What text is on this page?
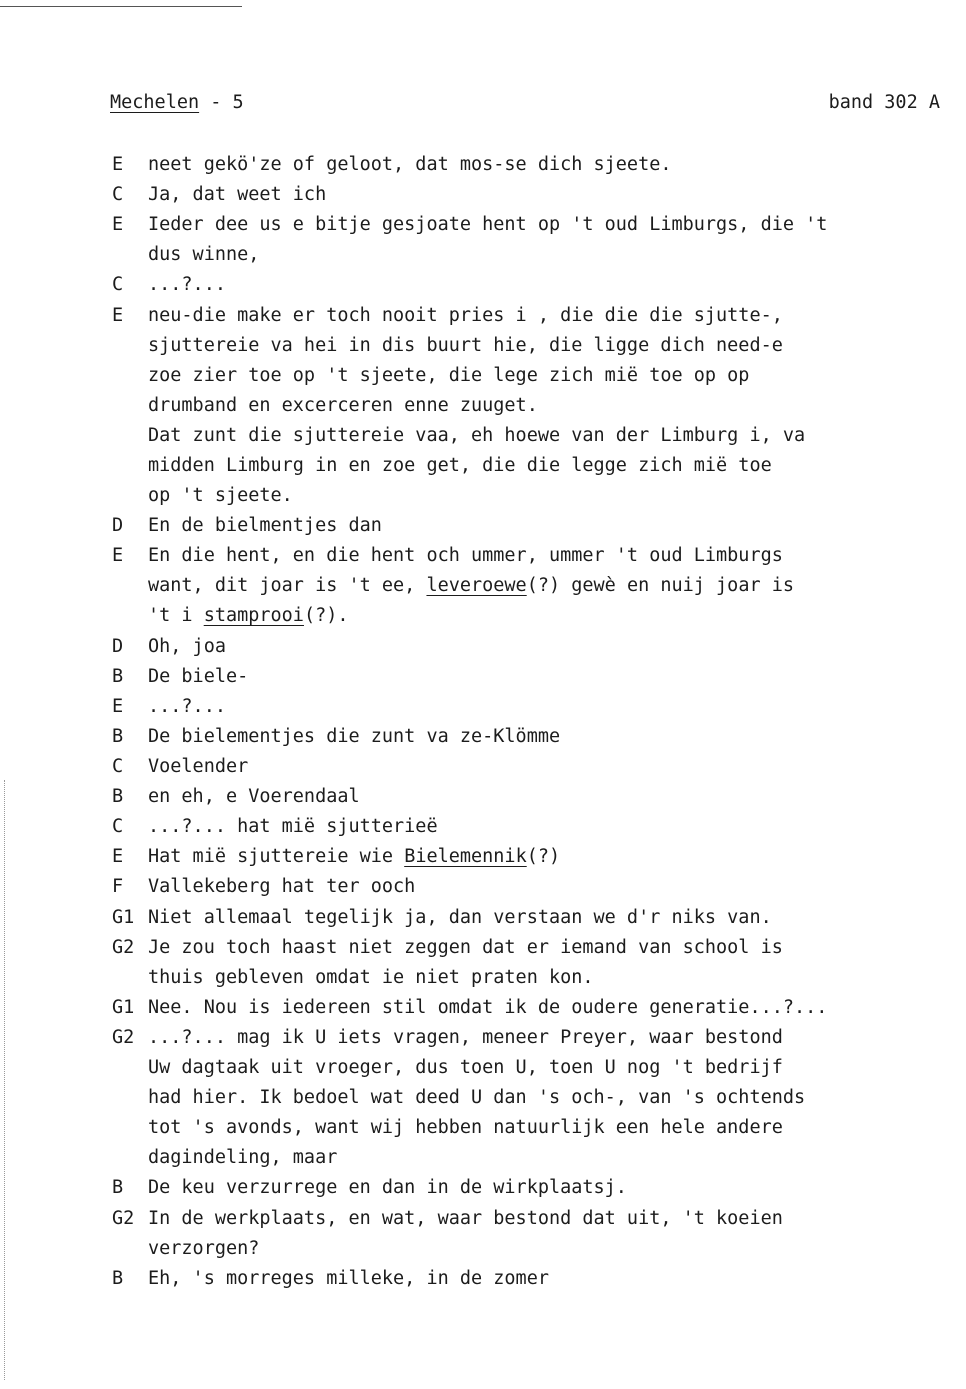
Mechelen - 5	band 302 A
E neet gekö'ze of geloot, dat mos-se dich sjeete.
C Ja, dat weet ich
E Ieder dee us e bitje gesjoate hent op 't oud Limburgs, die 't
dus winne,
C ...?...
E neu-die make er toch nooit pries i , die die die sjutte-,
sjuttereie va hei in dis buurt hie, die ligge dich need-e
zoe zier toe op 't sjeete, die lege zich mië toe op op
drumband en excerceren enne zuuget.
Dat zunt die sjuttereie vaa, eh hoewe van der Limburg i, va
midden Limburg in en zoe get, die die legge zich mië toe
op 't sjeete.
D En de bielmentjes dan
E En die hent, en die hent och ummer, ummer 't oud Limburgs
want, dit joar is 't ee, leveroewe(?) gewè en nuij joar is
't i stamprooi(?).
D Oh, joa
B De biele-
E ...?...
B De bielementjes die zunt va ze-Klömme
C Voelender
B en eh, e Voerendaal
C ...?... hat mië sjutterieë
E Hat mië sjuttereie wie Bielemennik(?)
F Vallekeberg hat ter ooch
G1 Niet allemaal tegelijk ja, dan verstaan we d'r niks van.
G2 Je zou toch haast niet zeggen dat er iemand van school is
thuis gebleven omdat ie niet praten kon.
G1 Nee. Nou is iedereen stil omdat ik de oudere generatie...?...
G2 ...?... mag ik U iets vragen, meneer Preyer, waar bestond
Uw dagtaak uit vroeger, dus toen U, toen U nog 't bedrijf
had hier. Ik bedoel wat deed U dan 's och-, van 's ochtends
tot 's avonds, want wij hebben natuurlijk een hele andere
dagindeling, maar
B De keu verzurrege en dan in de wirkplaatsj.
G2 In de werkplaats, en wat, waar bestond dat uit, 't koeien
verzorgen?
B Eh, 's morreges milleke, in de zomer
